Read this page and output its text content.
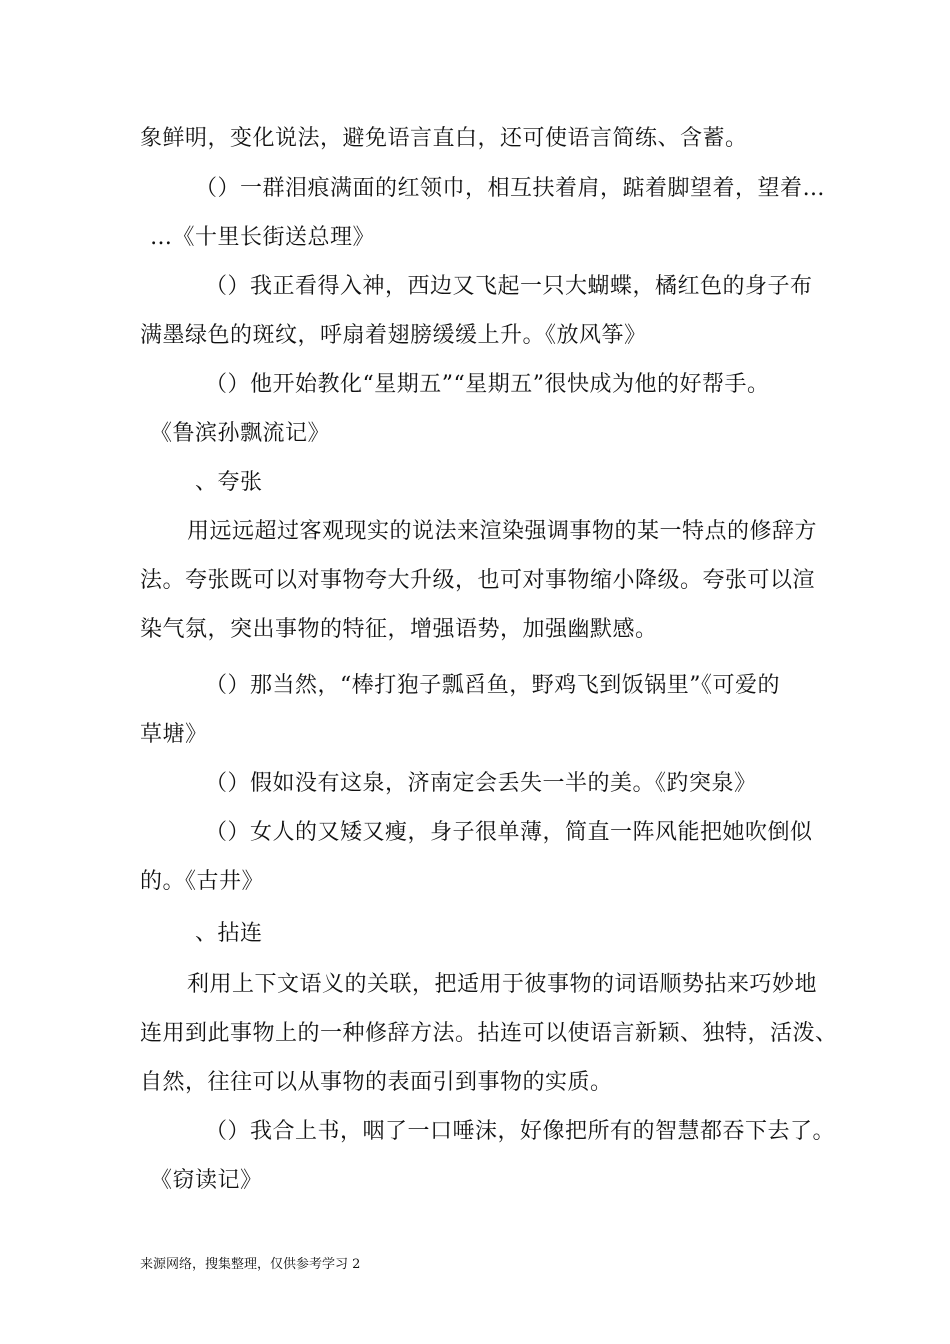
象鲜明，变化说法，避免语言直白，还可使语言简练、含蓄。
（）一群泪痕满面的红领巾，相互扶着肩，踮着脚望着，望着…
…《十里长街送总理》
（）我正看得入神，西边又飞起一只大蝴蝶，橘红色的身子布
满墨绿色的斑纹，呼扇着翅膀缓缓上升。《放风筝》
（）他开始教化“星期五”“星期五”很快成为他的好帮手。
《鲁滨孙飘流记》
、夸张
用远远超过客观现实的说法来渲染强调事物的某一特点的修辞方
法。夸张既可以对事物夸大升级，也可对事物缩小降级。夸张可以渲
染气氛，突出事物的特征，增强语势，加强幽默感。
（）那当然，“棒打狍子瓢舀鱼，野鸡飞到饭锅里”《可爱的
草塘》
（）假如没有这泉，济南定会丢失一半的美。《趵突泉》
（）女人的又矮又瘦，身子很单薄，简直一阵风能把她吹倒似
的。《古井》
、拈连
利用上下文语义的关联，把适用于彼事物的词语顺势拈来巧妙地
连用到此事物上的一种修辞方法。拈连可以使语言新颖、独特，活泼、
自然，往往可以从事物的表面引到事物的实质。
（）我合上书，咽了一口唾沫，好像把所有的智慧都吞下去了。
《窃读记》
来源网络，搜集整理，仅供参考学习 2
